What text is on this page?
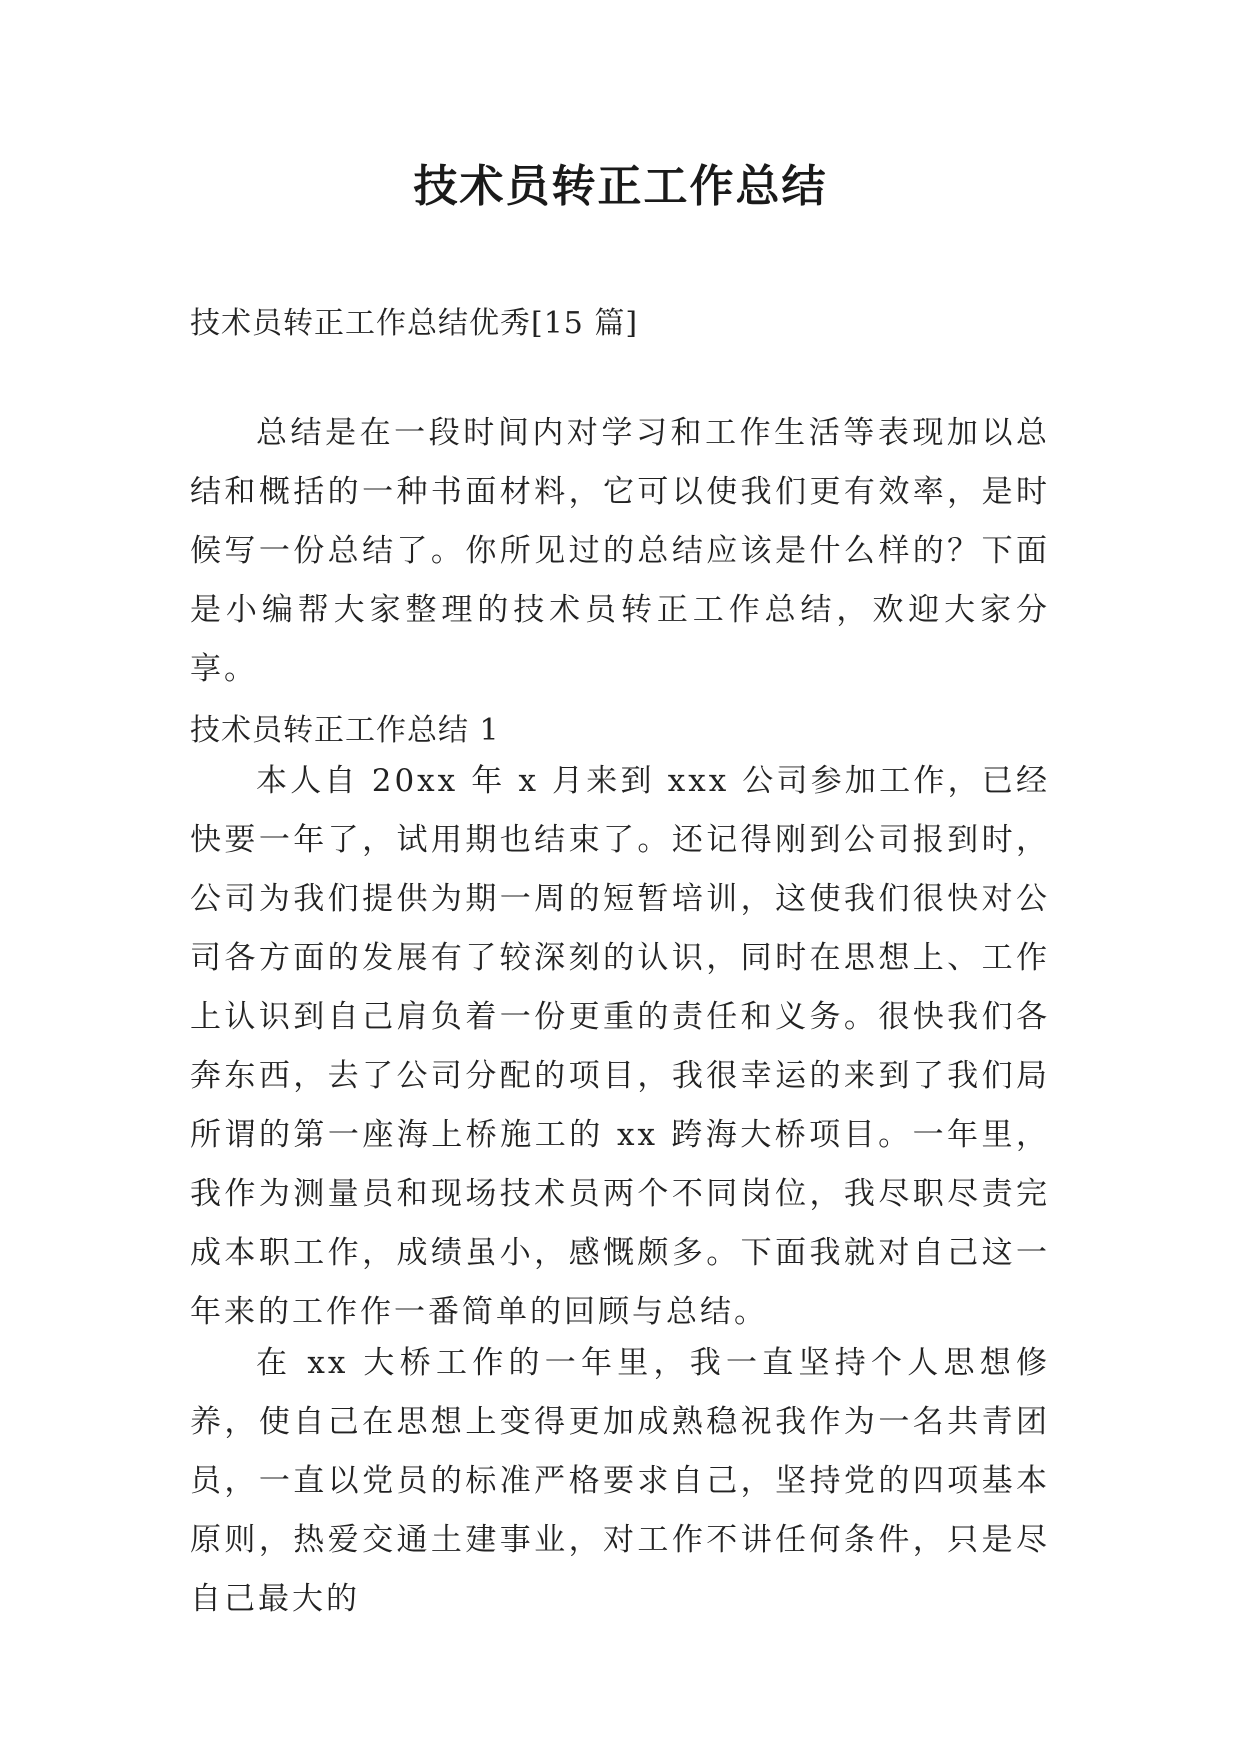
技术员转正工作总结

技术员转正工作总结优秀[15 篇]

总结是在一段时间内对学习和工作生活等表现加以总结和概括的一种书面材料，它可以使我们更有效率，是时候写一份总结了。你所见过的总结应该是什么样的？下面是小编帮大家整理的技术员转正工作总结，欢迎大家分享。

技术员转正工作总结 1

本人自 20xx 年 x 月来到 xxx 公司参加工作，已经快要一年了，试用期也结束了。还记得刚到公司报到时，公司为我们提供为期一周的短暂培训，这使我们很快对公司各方面的发展有了较深刻的认识，同时在思想上、工作上认识到自己肩负着一份更重的责任和义务。很快我们各奔东西，去了公司分配的项目，我很幸运的来到了我们局所谓的第一座海上桥施工的 xx 跨海大桥项目。一年里，我作为测量员和现场技术员两个不同岗位，我尽职尽责完成本职工作，成绩虽小，感慨颇多。下面我就对自己这一年来的工作作一番简单的回顾与总结。

在 xx 大桥工作的一年里，我一直坚持个人思想修养，使自己在思想上变得更加成熟稳祝我作为一名共青团员，一直以党员的标准严格要求自己，坚持党的四项基本原则，热爱交通土建事业，对工作不讲任何条件，只是尽自己最大的
